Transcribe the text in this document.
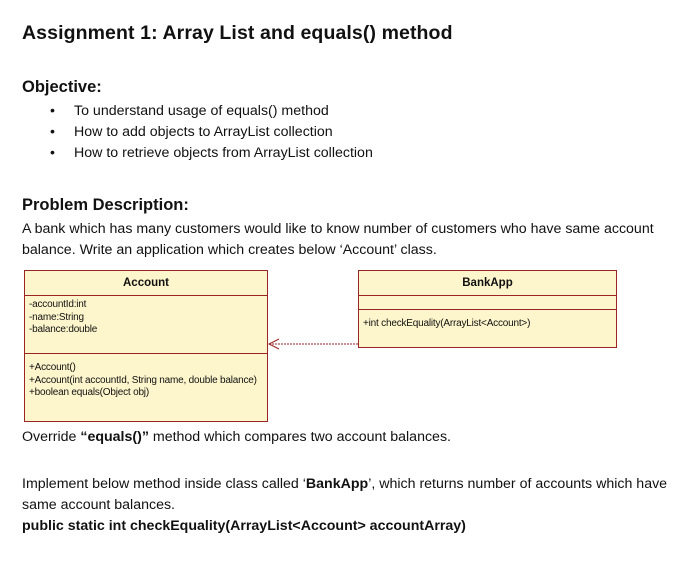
Assignment 1: Array List and equals() method
Objective:
• To understand usage of equals() method
• How to add objects to ArrayList collection
• How to retrieve objects from ArrayList collection
Problem Description:
A bank which has many customers would like to know number of customers who have same account balance. Write an application which creates below ‘Account’ class.
Account
-accountId:int
-name:String
-balance:double
+Account()
+Account(int accountId, String name, double balance)
+boolean equals(Object obj)
BankApp
+int checkEquality(ArrayList<Account>)
Override “equals()” method which compares two account balances.
Implement below method inside class called ‘BankApp’, which returns number of accounts which have same account balances.
public static int checkEquality(ArrayList<Account> accountArray)
